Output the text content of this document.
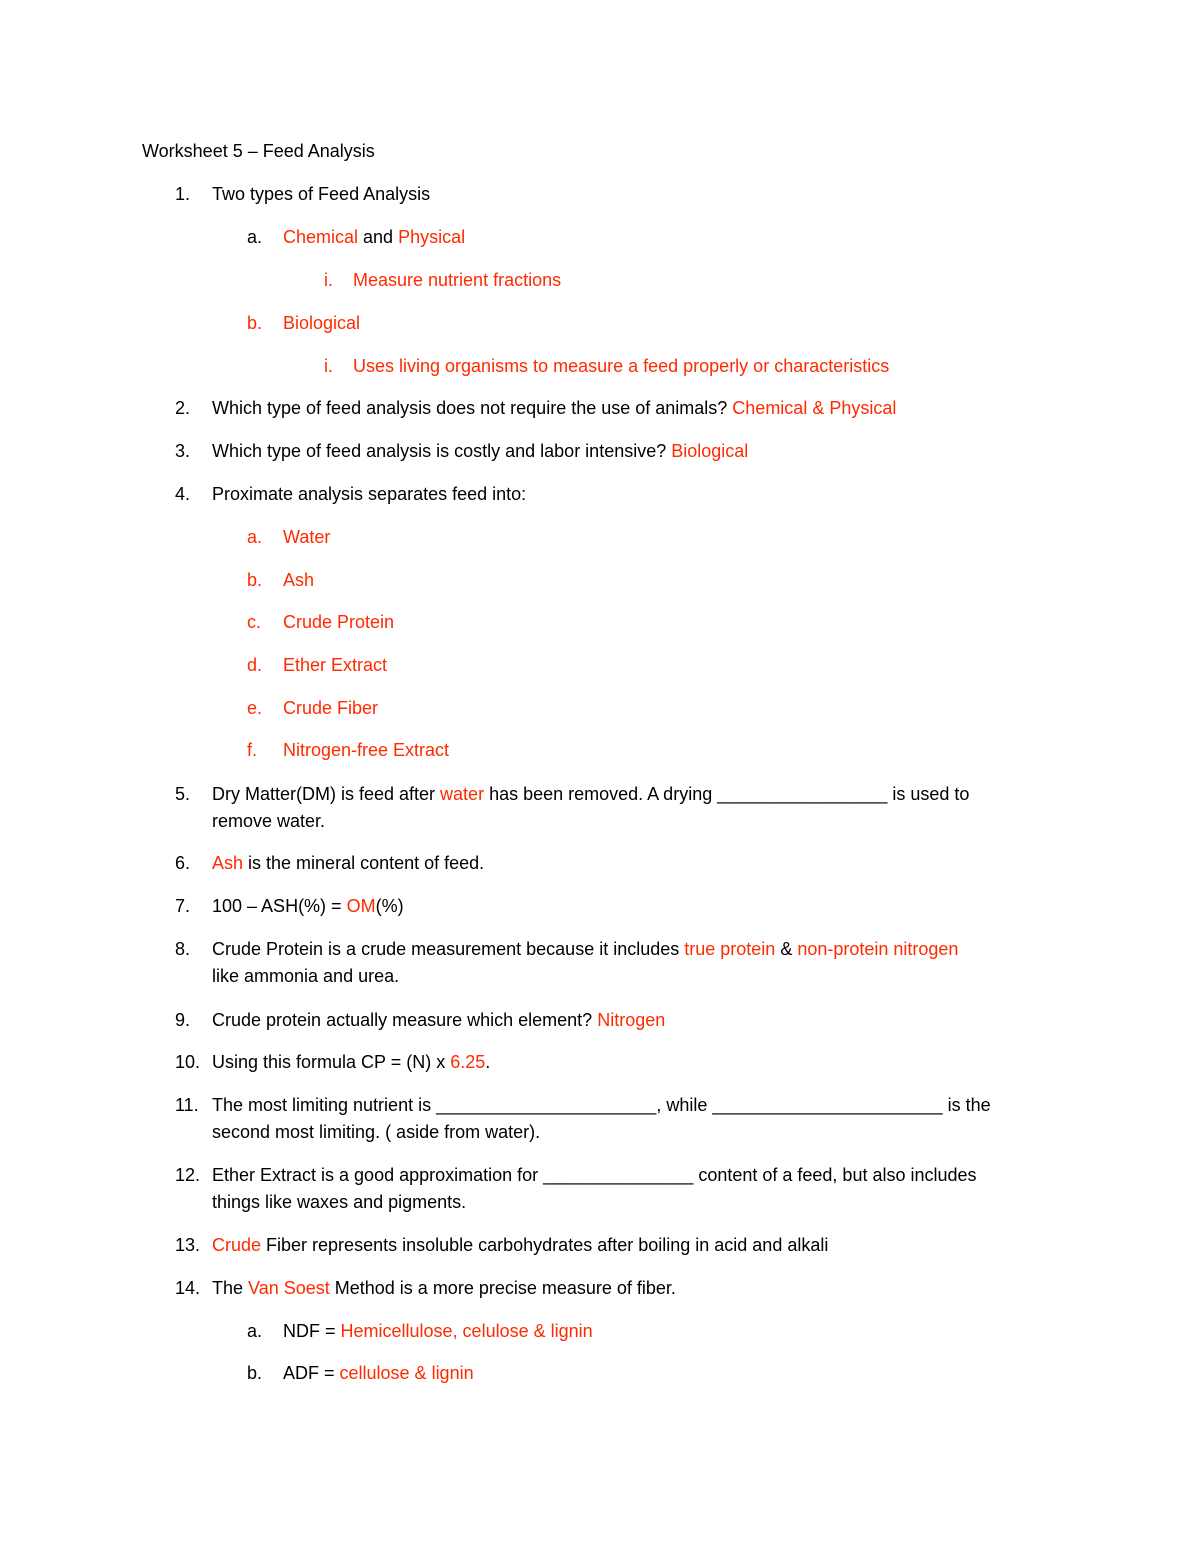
Worksheet 5 – Feed Analysis
1. Two types of Feed Analysis
a. Chemical and Physical
i. Measure nutrient fractions
b. Biological
i. Uses living organisms to measure a feed properly or characteristics
2. Which type of feed analysis does not require the use of animals? Chemical & Physical
3. Which type of feed analysis is costly and labor intensive? Biological
4. Proximate analysis separates feed into:
a. Water
b. Ash
c. Crude Protein
d. Ether Extract
e. Crude Fiber
f. Nitrogen-free Extract
5. Dry Matter(DM) is feed after water has been removed. A drying _________________ is used to
remove water.
6. Ash is the mineral content of feed.
7. 100 – ASH(%) = OM(%)
8. Crude Protein is a crude measurement because it includes true protein & non-protein nitrogen
like ammonia and urea.
9. Crude protein actually measure which element? Nitrogen
10. Using this formula CP = (N) x 6.25.
11. The most limiting nutrient is ______________________, while _______________________ is the
second most limiting. ( aside from water).
12. Ether Extract is a good approximation for _______________ content of a feed, but also includes
things like waxes and pigments.
13. Crude Fiber represents insoluble carbohydrates after boiling in acid and alkali
14. The Van Soest Method is a more precise measure of fiber.
a. NDF = Hemicellulose, celulose & lignin
b. ADF = cellulose & lignin
